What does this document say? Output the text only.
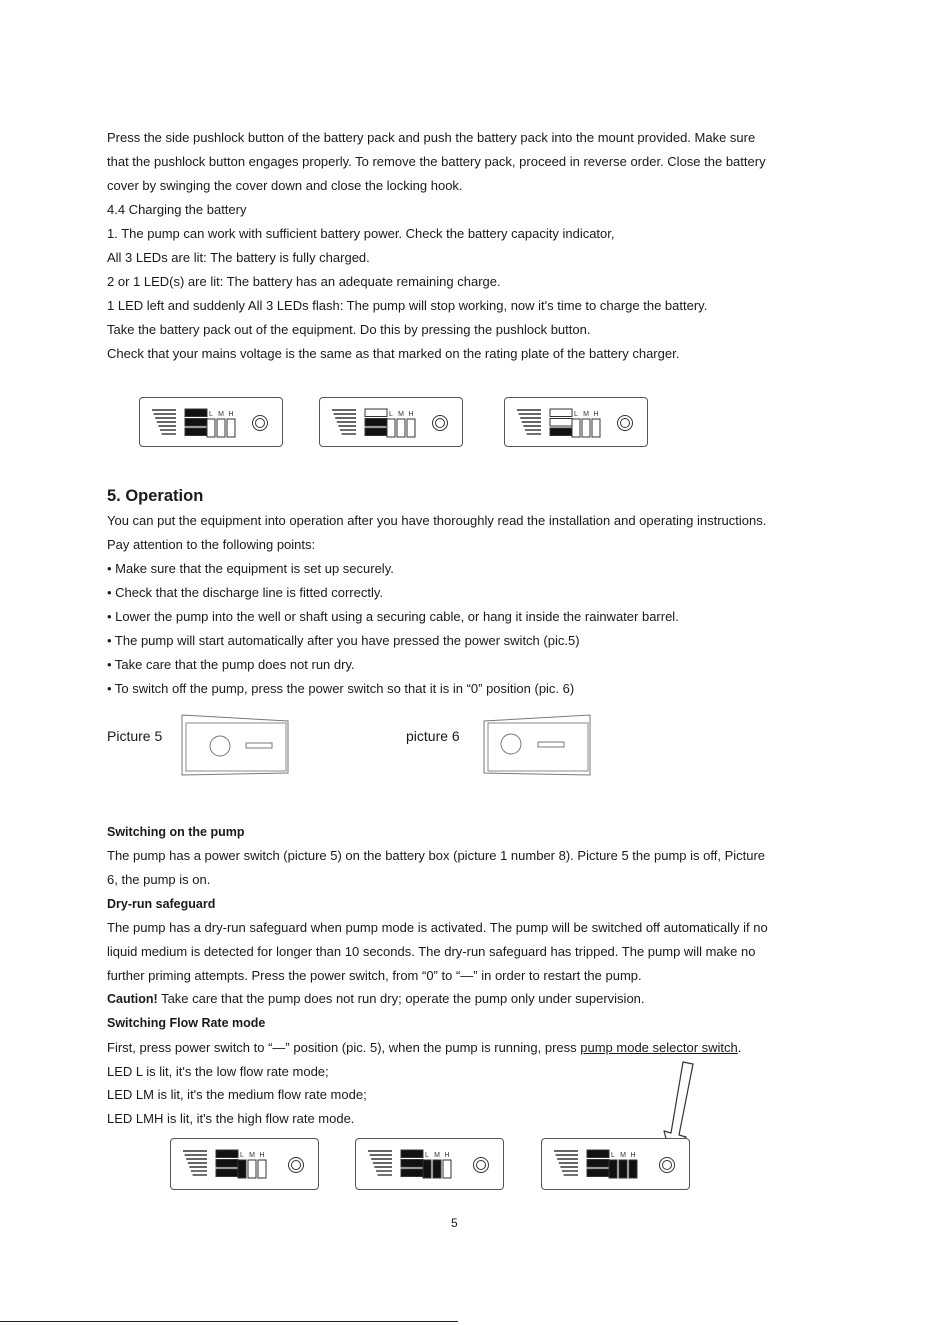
Press the side pushlock button of the battery pack and push the battery pack into the mount provided. Make sure
that the pushlock button engages properly. To remove the battery pack, proceed in reverse order. Close the battery
cover by swinging the cover down and close the locking hook.
4.4 Charging the battery
1. The pump can work with sufficient battery power. Check the battery capacity indicator,
All 3 LEDs are lit: The battery is fully charged.
2 or 1 LED(s) are lit: The battery has an adequate remaining charge.
1 LED left and suddenly All 3 LEDs flash: The pump will stop working, now it's time to charge the battery.
Take the battery pack out of the equipment. Do this by pressing the pushlock button.
Check that your mains voltage is the same as that marked on the rating plate of the battery charger.
L M H	L M H	L M H
5. Operation
You can put the equipment into operation after you have thoroughly read the installation and operating instructions.
Pay attention to the following points:
• Make sure that the equipment is set up securely.
• Check that the discharge line is fitted correctly.
• Lower the pump into the well or shaft using a securing cable, or hang it inside the rainwater barrel.
• The pump will start automatically after you have pressed the power switch (pic.5)
• Take care that the pump does not run dry.
• To switch off the pump, press the power switch so that it is in “0” position (pic. 6)
Picture 5	picture 6
Switching on the pump
The pump has a power switch (picture 5) on the battery box (picture 1 number 8). Picture 5 the pump is off, Picture
6, the pump is on.
Dry-run safeguard
The pump has a dry-run safeguard when pump mode is activated. The pump will be switched off automatically if no
liquid medium is detected for longer than 10 seconds. The dry-run safeguard has tripped. The pump will make no
further priming attempts. Press the power switch, from “0” to “—” in order to restart the pump.
Caution! Take care that the pump does not run dry; operate the pump only under supervision.
Switching Flow Rate mode
First, press power switch to “—” position (pic. 5), when the pump is running, press pump mode selector switch.
LED L is lit, it's the low flow rate mode;
LED LM is lit, it's the medium flow rate mode;
LED LMH is lit, it's the high flow rate mode.
L M H	L M H	L M H
5
